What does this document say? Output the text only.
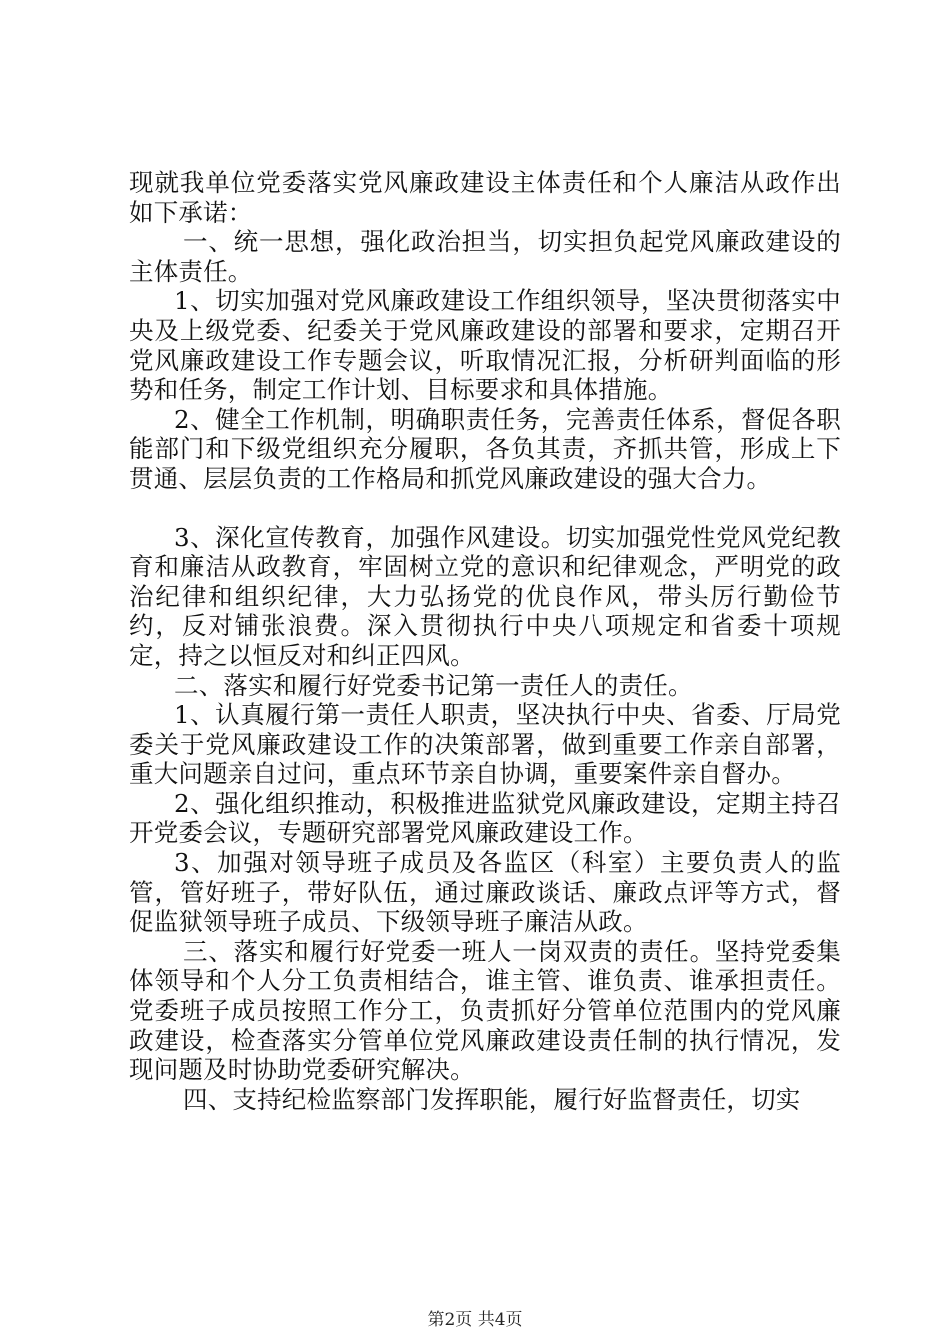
现就我单位党委落实党风廉政建设主体责任和个人廉洁从政作出如下承诺：

一、统一思想，强化政治担当，切实担负起党风廉政建设的主体责任。

1、切实加强对党风廉政建设工作组织领导，坚决贯彻落实中央及上级党委、纪委关于党风廉政建设的部署和要求，定期召开党风廉政建设工作专题会议，听取情况汇报，分析研判面临的形势和任务，制定工作计划、目标要求和具体措施。

2、健全工作机制，明确职责任务，完善责任体系，督促各职能部门和下级党组织充分履职，各负其责，齐抓共管，形成上下贯通、层层负责的工作格局和抓党风廉政建设的强大合力。

3、深化宣传教育，加强作风建设。切实加强党性党风党纪教育和廉洁从政教育，牢固树立党的意识和纪律观念，严明党的政治纪律和组织纪律，大力弘扬党的优良作风，带头厉行勤俭节约，反对铺张浪费。深入贯彻执行中央八项规定和省委十项规定，持之以恒反对和纠正四风。

二、落实和履行好党委书记第一责任人的责任。

1、认真履行第一责任人职责，坚决执行中央、省委、厅局党委关于党风廉政建设工作的决策部署，做到重要工作亲自部署，重大问题亲自过问，重点环节亲自协调，重要案件亲自督办。

2、强化组织推动，积极推进监狱党风廉政建设，定期主持召开党委会议，专题研究部署党风廉政建设工作。

3、加强对领导班子成员及各监区（科室）主要负责人的监管，管好班子，带好队伍，通过廉政谈话、廉政点评等方式，督促监狱领导班子成员、下级领导班子廉洁从政。

三、落实和履行好党委一班人一岗双责的责任。坚持党委集体领导和个人分工负责相结合，谁主管、谁负责、谁承担责任。党委班子成员按照工作分工，负责抓好分管单位范围内的党风廉政建设，检查落实分管单位党风廉政建设责任制的执行情况，发现问题及时协助党委研究解决。

四、支持纪检监察部门发挥职能，履行好监督责任，切实

第2页 共4页
